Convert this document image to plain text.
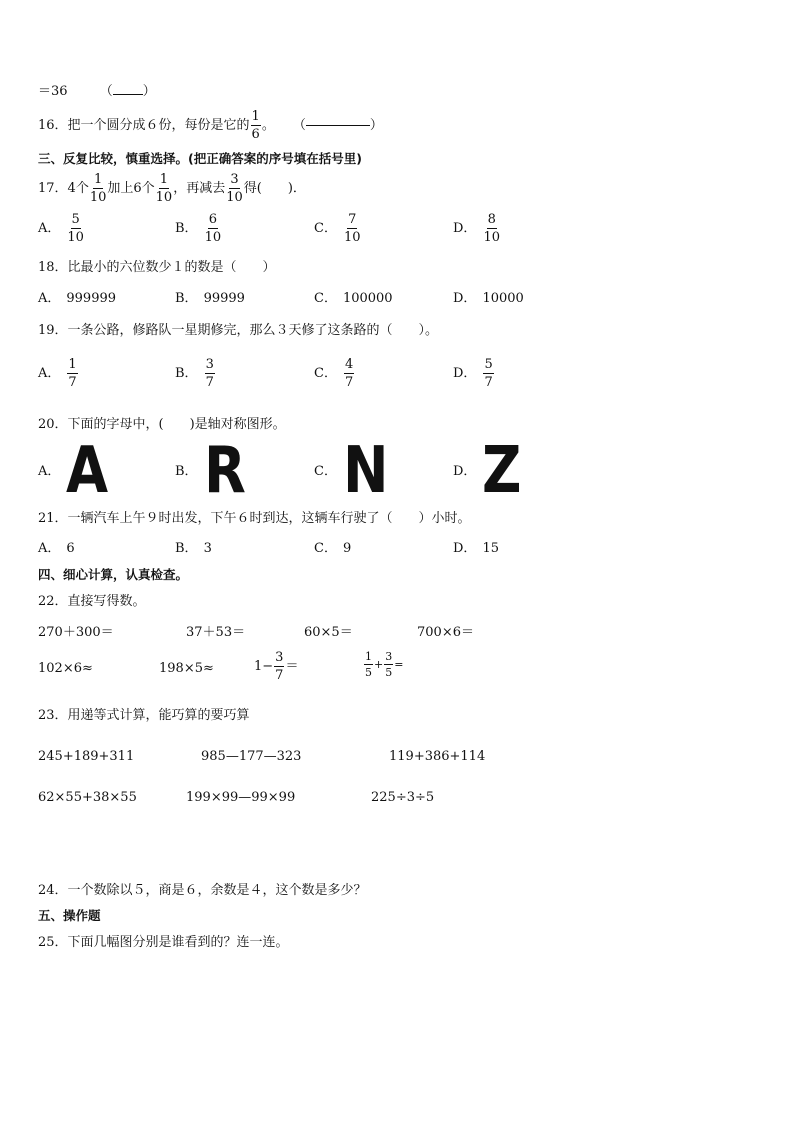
＝36 （ ）
16．把一个圆分成６份，每份是它的 $\frac{1}{6}$ 。 （	）
三、反复比较，慎重选择。(把正确答案的序号填在括号里)
17．4个 $\frac{1}{10}$ 加上6个 $\frac{1}{10}$ ，再减去 $\frac{3}{10}$ 得(　　)．
A． $\frac{5}{10}$	B． $\frac{6}{10}$	C． $\frac{7}{10}$	D． $\frac{8}{10}$
18．比最小的六位数少１的数是（　　）
A． 999999	B． 99999	C． 100000	D． 10000
19．一条公路，修路队一星期修完，那么３天修了这条路的（　　）。
A． $\frac{1}{7}$	B． $\frac{3}{7}$	C． $\frac{4}{7}$	D． $\frac{5}{7}$
20．下面的字母中，(　　)是轴对称图形。
A． A	B． R	C． N	D． Z
21．一辆汽车上午９时出发，下午６时到达，这辆车行驶了（　　）小时。
A． 6	B． 3	C． 9	D． 15
四、细心计算，认真检查。
22．直接写得数。
270＋300＝	37＋53＝	60×5＝	700×6＝
102×6≈	198×5≈	$1- \frac{3}{7}$ ＝	$\frac{1}{5} + \frac{3}{5}$ =
23．用递等式计算，能巧算的要巧算
245+189+311	985—177—323	119+386+114
62×55+38×55	199×99—99×99	225÷3÷5
24．一个数除以５，商是６，余数是４，这个数是多少？
五、操作题
25．下面几幅图分别是谁看到的？连一连。
